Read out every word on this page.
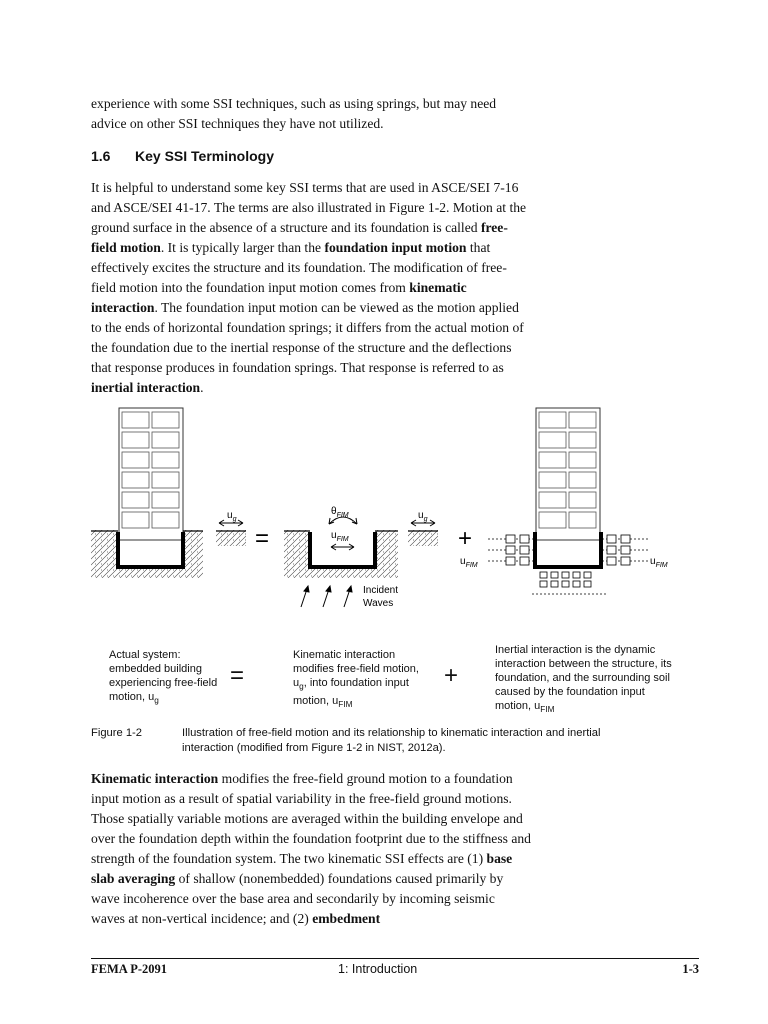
experience with some SSI techniques, such as using springs, but may need advice on other SSI techniques they have not utilized.
1.6 Key SSI Terminology
It is helpful to understand some key SSI terms that are used in ASCE/SEI 7-16 and ASCE/SEI 41-17. The terms are also illustrated in Figure 1-2. Motion at the ground surface in the absence of a structure and its foundation is called free-field motion. It is typically larger than the foundation input motion that effectively excites the structure and its foundation. The modification of free-field motion into the foundation input motion comes from kinematic interaction. The foundation input motion can be viewed as the motion applied to the ends of horizontal foundation springs; it differs from the actual motion of the foundation due to the inertial response of the structure and the deflections that response produces in foundation springs. That response is referred to as inertial interaction.
$u_g$
=
$\theta_{FIM}$
$u_{FIM}$
Incident
Waves
$u_g$
+
$u_{FIM}$	$u_{FIM}$
Actual system: embedded building experiencing free-field motion, $u_g$
=
Kinematic interaction modifies free-field motion, $u_g$, into foundation input motion, $u_{FIM}$
+
Inertial interaction is the dynamic interaction between the structure, its foundation, and the surrounding soil caused by the foundation input motion, $u_{FIM}$
Figure 1-2	Illustration of free-field motion and its relationship to kinematic interaction and inertial interaction (modified from Figure 1-2 in NIST, 2012a).
Kinematic interaction modifies the free-field ground motion to a foundation input motion as a result of spatial variability in the free-field ground motions. Those spatially variable motions are averaged within the building envelope and over the foundation depth within the foundation footprint due to the stiffness and strength of the foundation system. The two kinematic SSI effects are (1) base slab averaging of shallow (nonembedded) foundations caused primarily by wave incoherence over the base area and secondarily by incoming seismic waves at non-vertical incidence; and (2) embedment
FEMA P-2091	1: Introduction	1-3
